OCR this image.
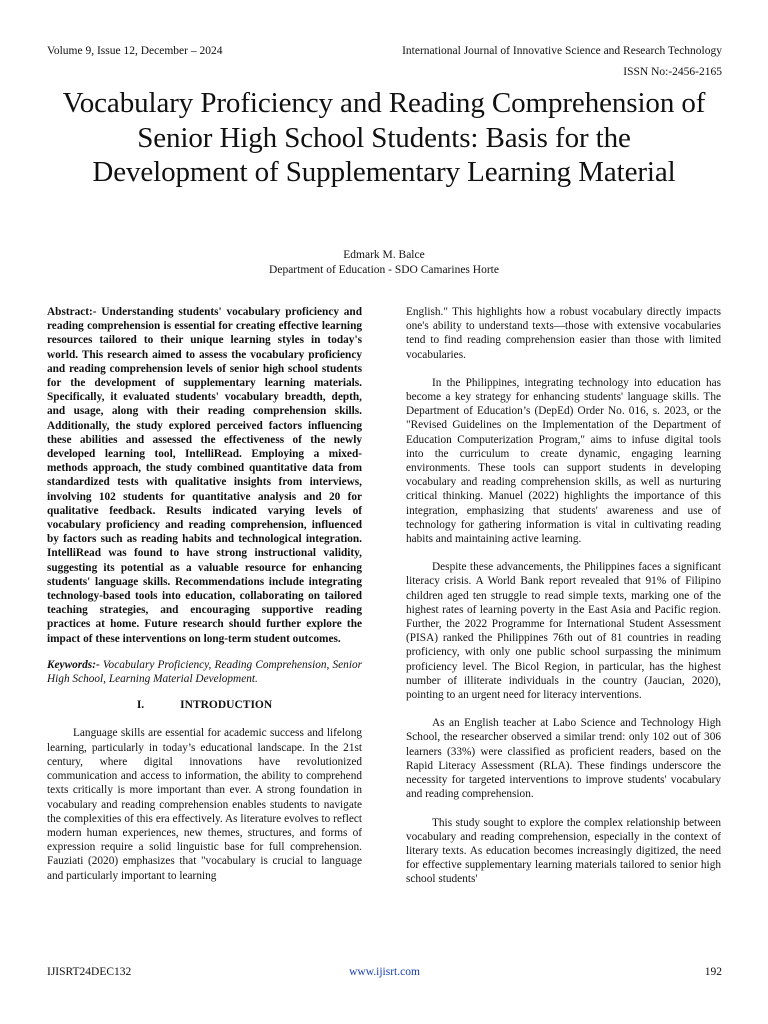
Volume 9, Issue 12, December – 2024	International Journal of Innovative Science and Research Technology
ISSN No:-2456-2165
Vocabulary Proficiency and Reading Comprehension of Senior High School Students: Basis for the Development of Supplementary Learning Material
Edmark M. Balce
Department of Education - SDO Camarines Horte

Abstract:- Understanding students' vocabulary proficiency and reading comprehension is essential for creating effective learning resources tailored to their unique learning styles in today's world. This research aimed to assess the vocabulary proficiency and reading comprehension levels of senior high school students for the development of supplementary learning materials. Specifically, it evaluated students' vocabulary breadth, depth, and usage, along with their reading comprehension skills. Additionally, the study explored perceived factors influencing these abilities and assessed the effectiveness of the newly developed learning tool, IntelliRead. Employing a mixed-methods approach, the study combined quantitative data from standardized tests with qualitative insights from interviews, involving 102 students for quantitative analysis and 20 for qualitative feedback. Results indicated varying levels of vocabulary proficiency and reading comprehension, influenced by factors such as reading habits and technological integration. IntelliRead was found to have strong instructional validity, suggesting its potential as a valuable resource for enhancing students' language skills. Recommendations include integrating technology-based tools into education, collaborating on tailored teaching strategies, and encouraging supportive reading practices at home. Future research should further explore the impact of these interventions on long-term student outcomes.

Keywords:- Vocabulary Proficiency, Reading Comprehension, Senior High School, Learning Material Development.

I.	INTRODUCTION

Language skills are essential for academic success and lifelong learning, particularly in today’s educational landscape. In the 21st century, where digital innovations have revolutionized communication and access to information, the ability to comprehend texts critically is more important than ever. A strong foundation in vocabulary and reading comprehension enables students to navigate the complexities of this era effectively. As literature evolves to reflect modern human experiences, new themes, structures, and forms of expression require a solid linguistic base for full comprehension. Fauziati (2020) emphasizes that "vocabulary is crucial to language and particularly important to learning

English." This highlights how a robust vocabulary directly impacts one's ability to understand texts—those with extensive vocabularies tend to find reading comprehension easier than those with limited vocabularies.

In the Philippines, integrating technology into education has become a key strategy for enhancing students' language skills. The Department of Education’s (DepEd) Order No. 016, s. 2023, or the "Revised Guidelines on the Implementation of the Department of Education Computerization Program," aims to infuse digital tools into the curriculum to create dynamic, engaging learning environments. These tools can support students in developing vocabulary and reading comprehension skills, as well as nurturing critical thinking. Manuel (2022) highlights the importance of this integration, emphasizing that students' awareness and use of technology for gathering information is vital in cultivating reading habits and maintaining active learning.

Despite these advancements, the Philippines faces a significant literacy crisis. A World Bank report revealed that 91% of Filipino children aged ten struggle to read simple texts, marking one of the highest rates of learning poverty in the East Asia and Pacific region. Further, the 2022 Programme for International Student Assessment (PISA) ranked the Philippines 76th out of 81 countries in reading proficiency, with only one public school surpassing the minimum proficiency level. The Bicol Region, in particular, has the highest number of illiterate individuals in the country (Jaucian, 2020), pointing to an urgent need for literacy interventions.

As an English teacher at Labo Science and Technology High School, the researcher observed a similar trend: only 102 out of 306 learners (33%) were classified as proficient readers, based on the Rapid Literacy Assessment (RLA). These findings underscore the necessity for targeted interventions to improve students' vocabulary and reading comprehension.

This study sought to explore the complex relationship between vocabulary and reading comprehension, especially in the context of literary texts. As education becomes increasingly digitized, the need for effective supplementary learning materials tailored to senior high school students'

IJISRT24DEC132	www.ijisrt.com	192
